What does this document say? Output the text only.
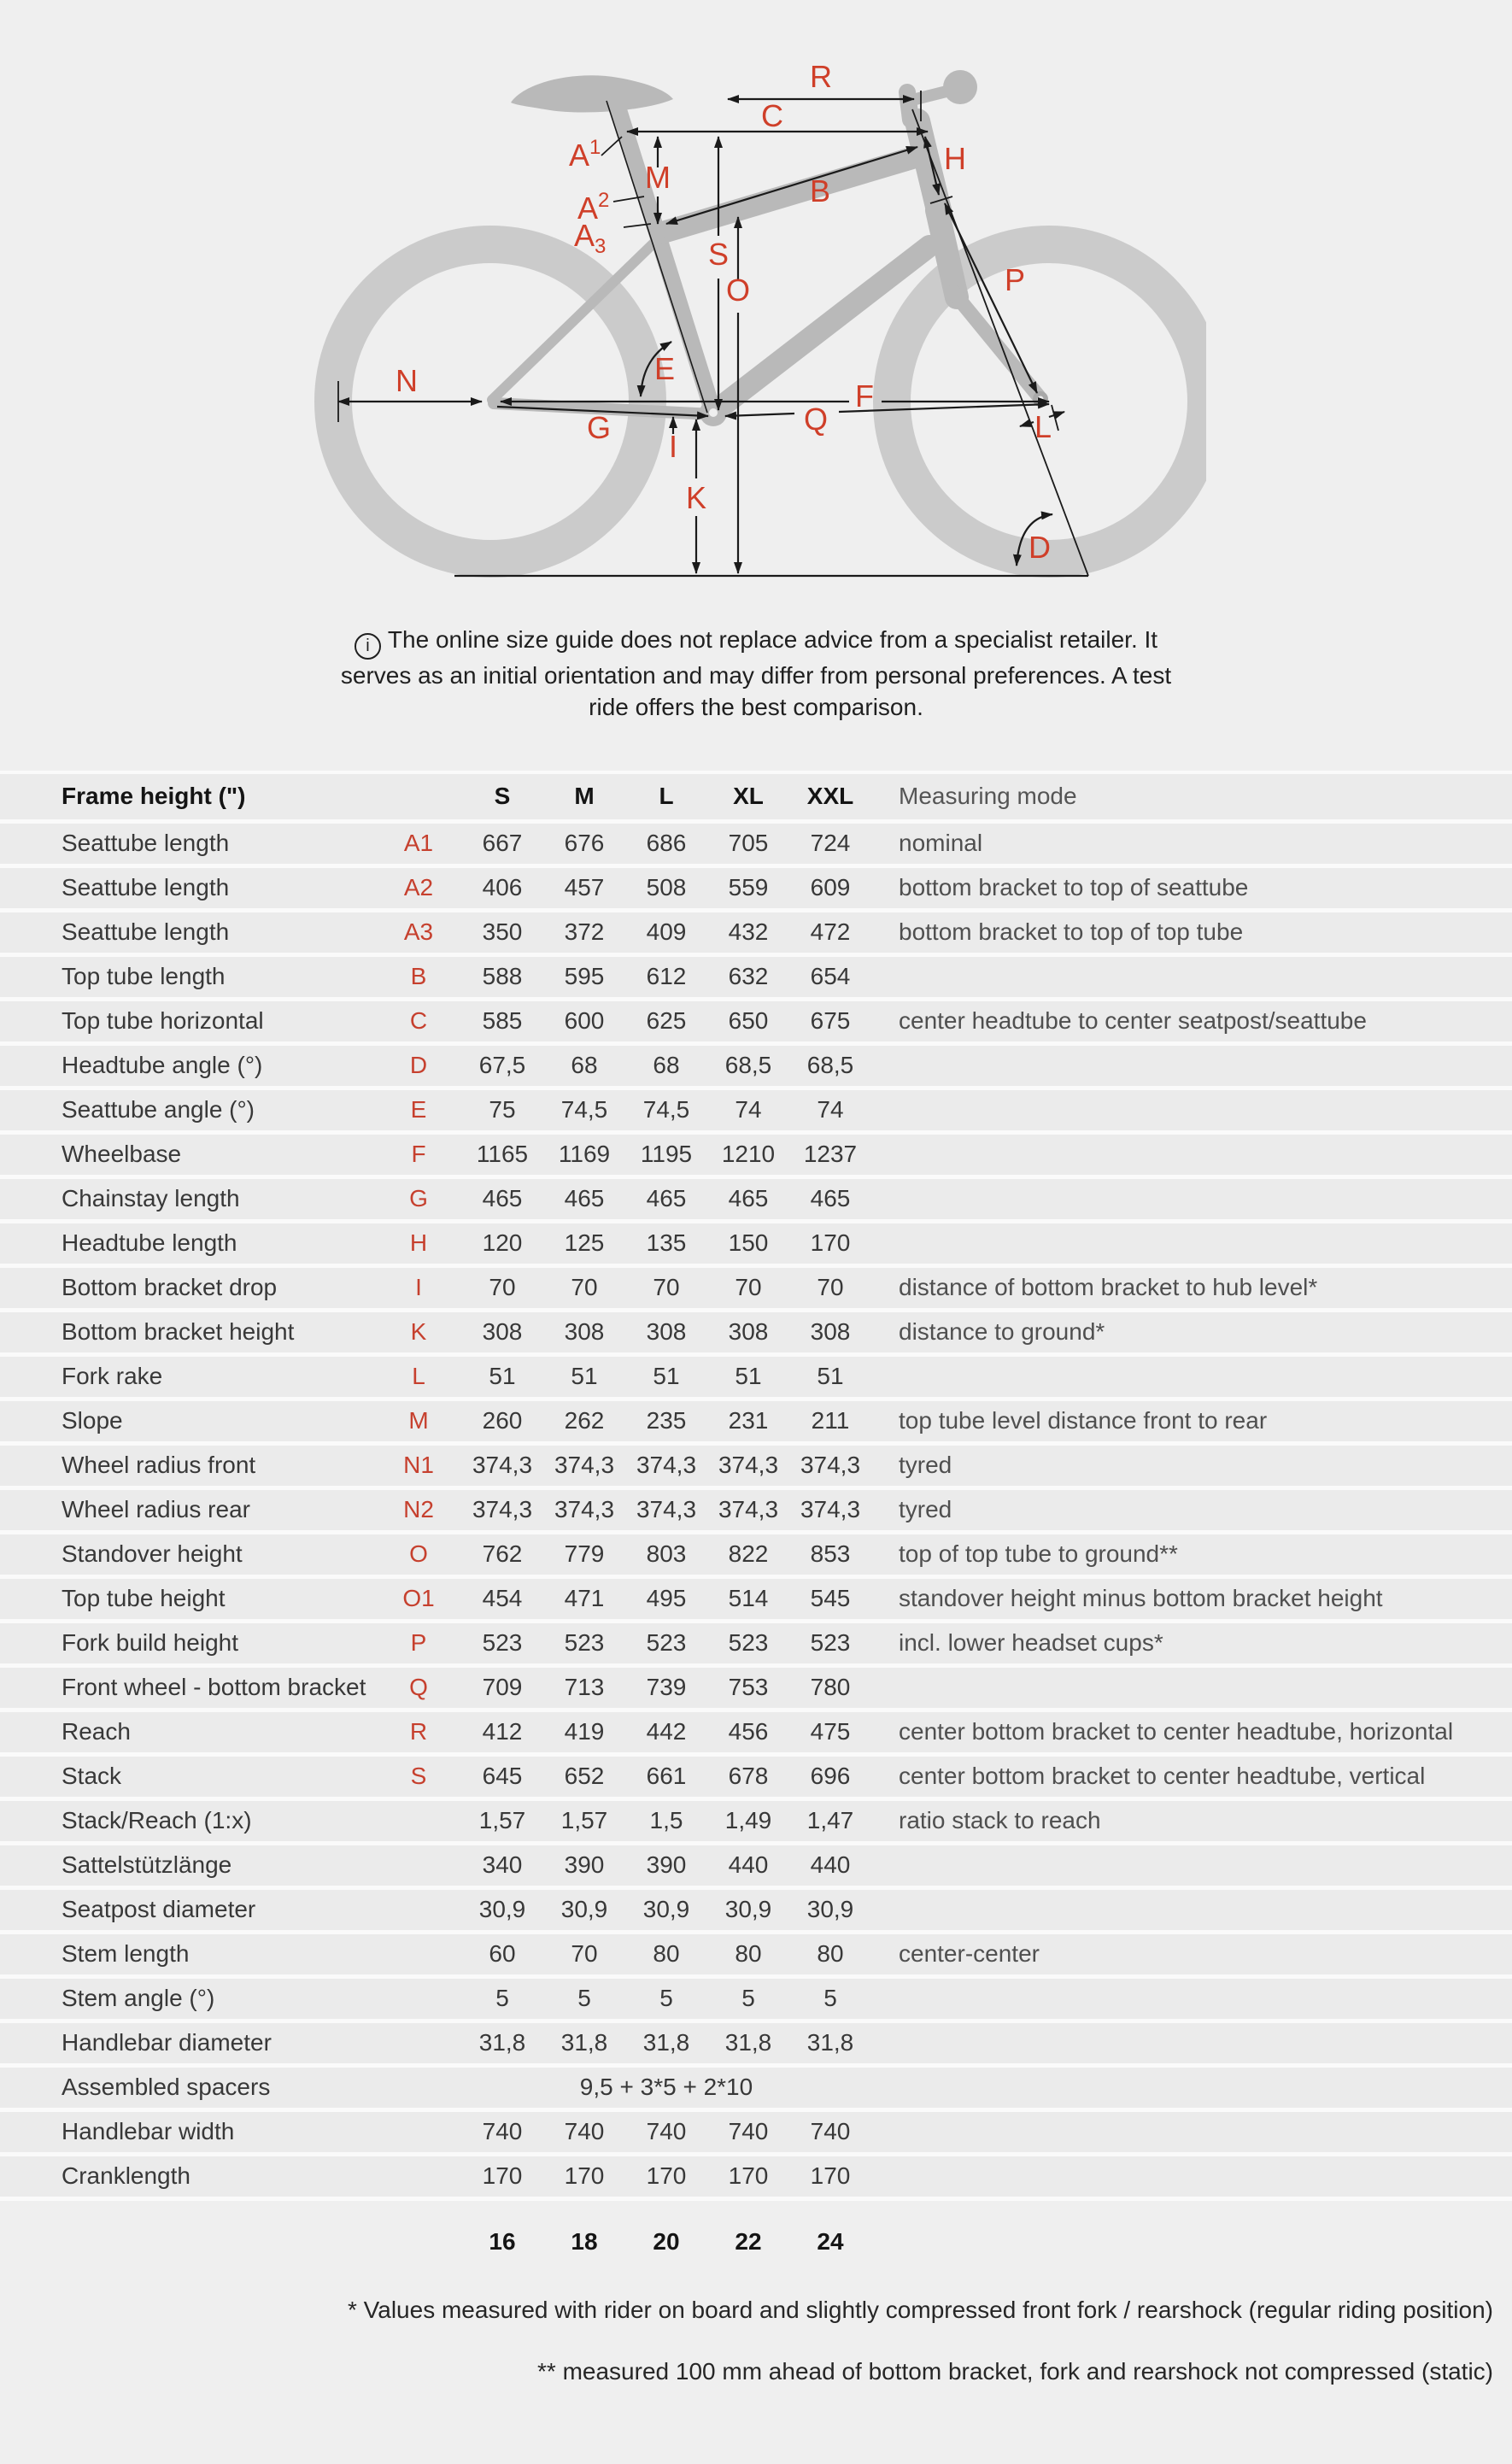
R
C
$A^1$
M
$A^2$
$A_3$
B
H
S
O	P
E
N	F
Q	L
G
I
K
D

i The online size guide does not replace advice from a specialist retailer. It serves as an initial orientation and may differ from personal preferences. A test ride offers the best comparison.

Frame height (")	S	M	L	XL	XXL	Measuring mode
Seattube length	A1	667	676	686	705	724	nominal
Seattube length	A2	406	457	508	559	609	bottom bracket to top of seattube
Seattube length	A3	350	372	409	432	472	bottom bracket to top of top tube
Top tube length	B	588	595	612	632	654
Top tube horizontal	C	585	600	625	650	675	center headtube to center seatpost/seattube
Headtube angle (°)	D	67,5	68	68	68,5	68,5
Seattube angle (°)	E	75	74,5	74,5	74	74
Wheelbase	F	1165	1169	1195	1210	1237
Chainstay length	G	465	465	465	465	465
Headtube length	H	120	125	135	150	170
Bottom bracket drop	I	70	70	70	70	70	distance of bottom bracket to hub level*
Bottom bracket height	K	308	308	308	308	308	distance to ground*
Fork rake	L	51	51	51	51	51
Slope	M	260	262	235	231	211	top tube level distance front to rear
Wheel radius front	N1	374,3 374,3 374,3 374,3 374,3	tyred
Wheel radius rear	N2	374,3 374,3 374,3 374,3 374,3	tyred
Standover height	O	762	779	803	822	853	top of top tube to ground**
Top tube height	O1	454	471	495	514	545	standover height minus bottom bracket height
Fork build height	P	523	523	523	523	523	incl. lower headset cups*
Front wheel - bottom bracket	Q	709	713	739	753	780
Reach	R	412	419	442	456	475	center bottom bracket to center headtube, horizontal
Stack	S	645	652	661	678	696	center bottom bracket to center headtube, vertical
Stack/Reach (1:x)	1,57	1,57	1,5	1,49	1,47	ratio stack to reach
Sattelstützlänge	340	390	390	440	440
Seatpost diameter	30,9	30,9	30,9	30,9	30,9
Stem length	60	70	80	80	80	center-center
Stem angle (°)	5	5	5	5	5
Handlebar diameter	31,8	31,8	31,8	31,8	31,8
Assembled spacers	9,5 + 3*5 + 2*10
Handlebar width	740	740	740	740	740
Cranklength	170	170	170	170	170
16	18	20	22	24

* Values measured with rider on board and slightly compressed front fork / rearshock (regular riding position)

** measured 100 mm ahead of bottom bracket, fork and rearshock not compressed (static)
